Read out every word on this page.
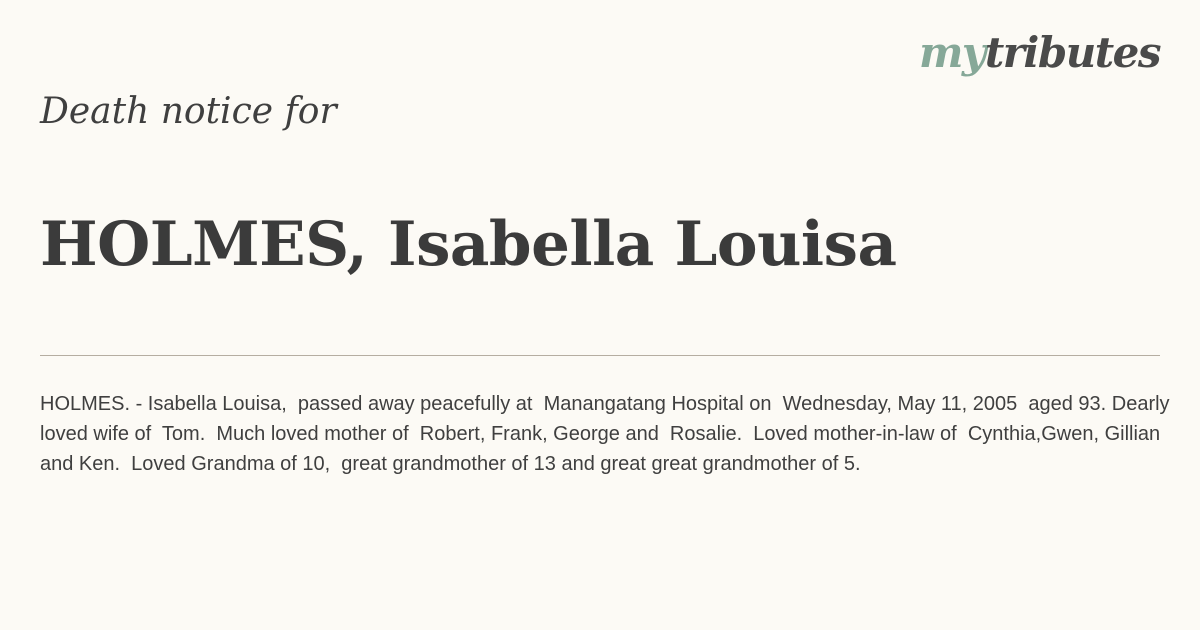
mytributes
Death notice for
HOLMES, Isabella Louisa

HOLMES. - Isabella Louisa,  passed away peacefully at  Manangatang Hospital on  Wednesday, May 11, 2005  aged 93. Dearly loved wife of  Tom.  Much loved mother of  Robert, Frank, George and  Rosalie.  Loved mother-in-law of  Cynthia,Gwen, Gillian and Ken.  Loved Grandma of 10,  great grandmother of 13 and great great grandmother of 5.
